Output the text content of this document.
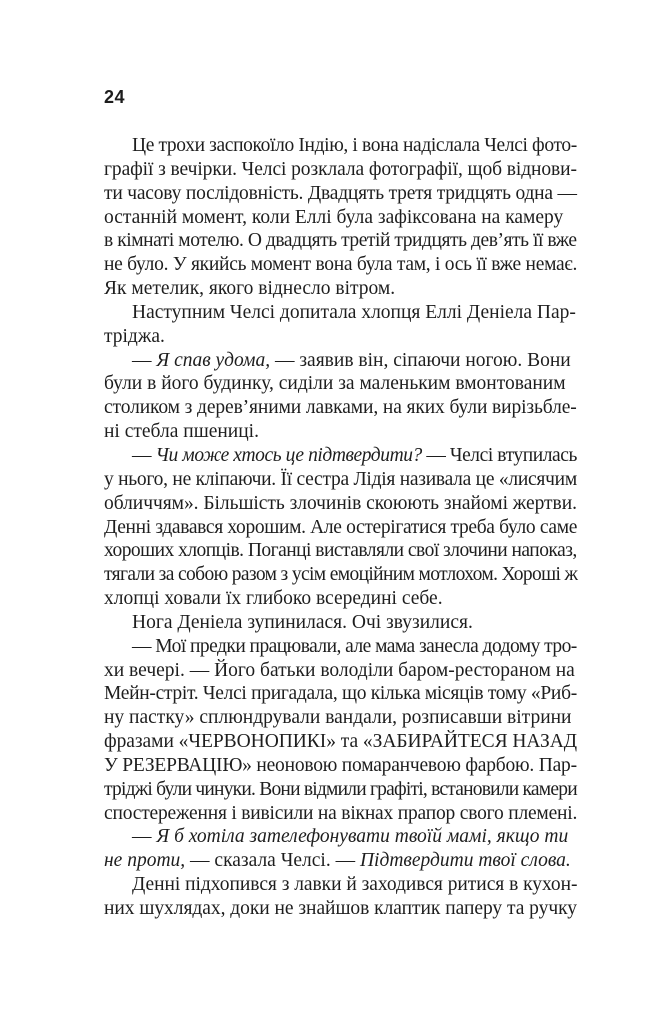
24
Це трохи заспокоїло Індію, і вона надіслала Челсі фото-
графії з вечірки. Челсі розклала фотографії, щоб віднови-
ти часову послідовність. Двадцять третя тридцять одна —
останній момент, коли Еллі була зафіксована на камеру
в кімнаті мотелю. О двадцять третій тридцять дев’ять її вже
не було. У якийсь момент вона була там, і ось її вже немає.
Як метелик, якого віднесло вітром.
Наступним Челсі допитала хлопця Еллі Деніела Пар-
тріджа.
— Я спав удома, — заявив він, сіпаючи ногою. Вони
були в його будинку, сиділи за маленьким вмонтованим
столиком з дерев’яними лавками, на яких були вирізьбле-
ні стебла пшениці.
— Чи може хтось це підтвердити? — Челсі втупилась
у нього, не кліпаючи. Її сестра Лідія називала це «лисячим
обличчям». Більшість злочинів скоюють знайомі жертви.
Денні здавався хорошим. Але остерігатися треба було саме
хороших хлопців. Поганці виставляли свої злочини напоказ,
тягали за собою разом з усім емоційним мотлохом. Хороші ж
хлопці ховали їх глибоко всередині себе.
Нога Деніела зупинилася. Очі звузилися.
— Мої предки працювали, але мама занесла додому тро-
хи вечері. — Його батьки володіли баром-рестораном на
Мейн-стріт. Челсі пригадала, що кілька місяців тому «Риб-
ну пастку» сплюндрували вандали, розписавши вітрини
фразами «ЧЕРВОНОПИКІ» та «ЗАБИРАЙТЕСЯ НАЗАД
У РЕЗЕРВАЦІЮ» неоновою помаранчевою фарбою. Пар-
тріджі були чинуки. Вони відмили графіті, встановили камери
спостереження і вивісили на вікнах прапор свого племені.
— Я б хотіла зателефонувати твоїй мамі, якщо ти
не проти, — сказала Челсі. — Підтвердити твої слова.
Денні підхопився з лавки й заходився ритися в кухон-
них шухлядах, доки не знайшов клаптик паперу та ручку
